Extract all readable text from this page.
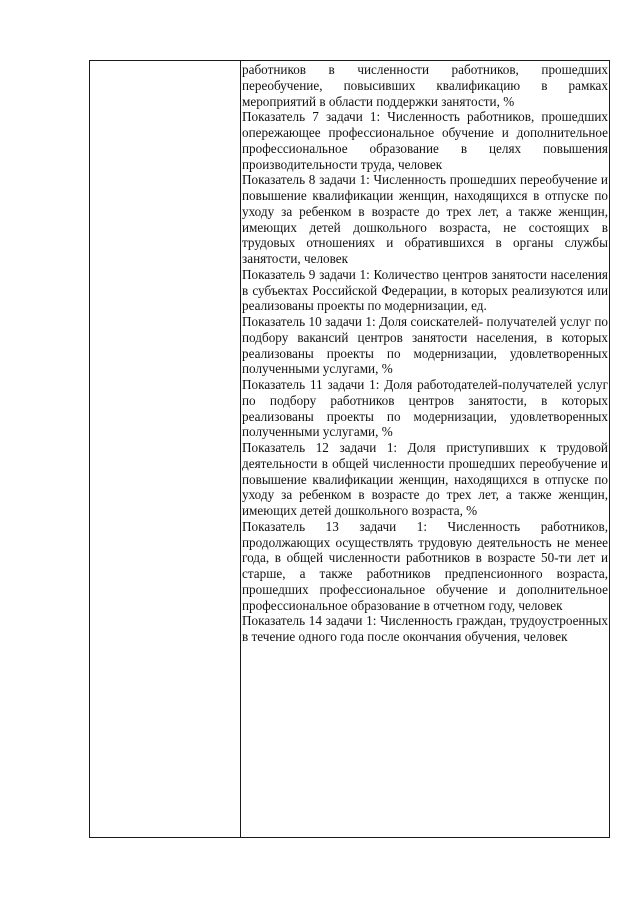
работников в численности работников, прошедших переобучение, повысивших квалификацию в рамках мероприятий в области поддержки занятости, %

Показатель 7 задачи 1: Численность работников, прошедших опережающее профессиональное обучение и дополнительное профессиональное образование в целях повышения производительности труда, человек

Показатель 8 задачи 1: Численность прошедших переобучение и повышение квалификации женщин, находящихся в отпуске по уходу за ребенком в возрасте до трех лет, а также женщин, имеющих детей дошкольного возраста, не состоящих в трудовых отношениях и обратившихся в органы службы занятости, человек

Показатель 9 задачи 1: Количество центров занятости населения в субъектах Российской Федерации, в которых реализуются или реализованы проекты по модернизации, ед.

Показатель 10 задачи 1: Доля соискателей- получателей услуг по подбору вакансий центров занятости населения, в которых реализованы проекты по модернизации, удовлетворенных полученными услугами, %

Показатель 11 задачи 1: Доля работодателей-получателей услуг по подбору работников центров занятости, в которых реализованы проекты по модернизации, удовлетворенных полученными услугами, %

Показатель 12 задачи 1: Доля приступивших к трудовой деятельности в общей численности прошедших переобучение и повышение квалификации женщин, находящихся в отпуске по уходу за ребенком в возрасте до трех лет, а также женщин, имеющих детей дошкольного возраста, %

Показатель 13 задачи 1: Численность работников, продолжающих осуществлять трудовую деятельность не менее года, в общей численности работников в возрасте 50-ти лет и старше, а также работников предпенсионного возраста, прошедших профессиональное обучение и дополнительное профессиональное образование в отчетном году, человек

Показатель 14 задачи 1: Численность граждан, трудоустроенных в течение одного года после окончания обучения, человек
